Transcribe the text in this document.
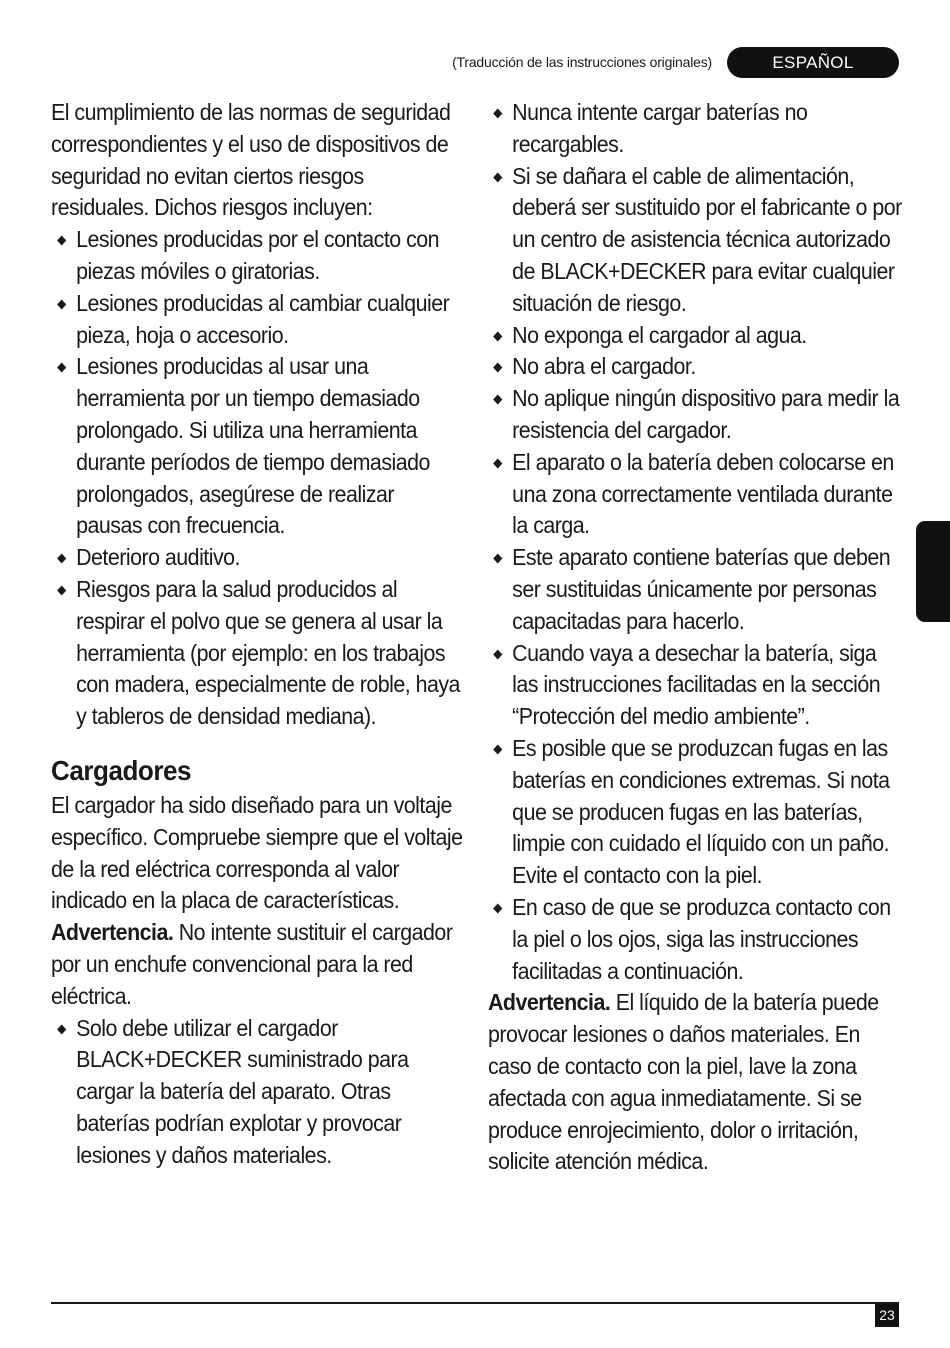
(Traducción de las instrucciones originales)	ESPAÑOL

El cumplimiento de las normas de seguridad correspondientes y el uso de dispositivos de seguridad no evitan ciertos riesgos residuales. Dichos riesgos incluyen:

Lesiones producidas por el contacto con piezas móviles o giratorias.
Lesiones producidas al cambiar cualquier pieza, hoja o accesorio.
Lesiones producidas al usar una herramienta por un tiempo demasiado prolongado. Si utiliza una herramienta durante períodos de tiempo demasiado prolongados, asegúrese de realizar pausas con frecuencia.
Deterioro auditivo.
Riesgos para la salud producidos al respirar el polvo que se genera al usar la herramienta (por ejemplo: en los trabajos con madera, especialmente de roble, haya y tableros de densidad mediana).

Cargadores

El cargador ha sido diseñado para un voltaje específico. Compruebe siempre que el voltaje de la red eléctrica corresponda al valor indicado en la placa de características.

Advertencia. No intente sustituir el cargador por un enchufe convencional para la red eléctrica.

Solo debe utilizar el cargador BLACK+DECKER suministrado para cargar la batería del aparato. Otras baterías podrían explotar y provocar lesiones y daños materiales.
Nunca intente cargar baterías no recargables.
Si se dañara el cable de alimentación, deberá ser sustituido por el fabricante o por un centro de asistencia técnica autorizado de BLACK+DECKER para evitar cualquier situación de riesgo.
No exponga el cargador al agua.
No abra el cargador.
No aplique ningún dispositivo para medir la resistencia del cargador.
El aparato o la batería deben colocarse en una zona correctamente ventilada durante la carga.
Este aparato contiene baterías que deben ser sustituidas únicamente por personas capacitadas para hacerlo.
Cuando vaya a desechar la batería, siga las instrucciones facilitadas en la sección “Protección del medio ambiente”.
Es posible que se produzcan fugas en las baterías en condiciones extremas. Si nota que se producen fugas en las baterías, limpie con cuidado el líquido con un paño. Evite el contacto con la piel.
En caso de que se produzca contacto con la piel o los ojos, siga las instrucciones facilitadas a continuación.

Advertencia. El líquido de la batería puede provocar lesiones o daños materiales. En caso de contacto con la piel, lave la zona afectada con agua inmediatamente. Si se produce enrojecimiento, dolor o irritación, solicite atención médica.

23
